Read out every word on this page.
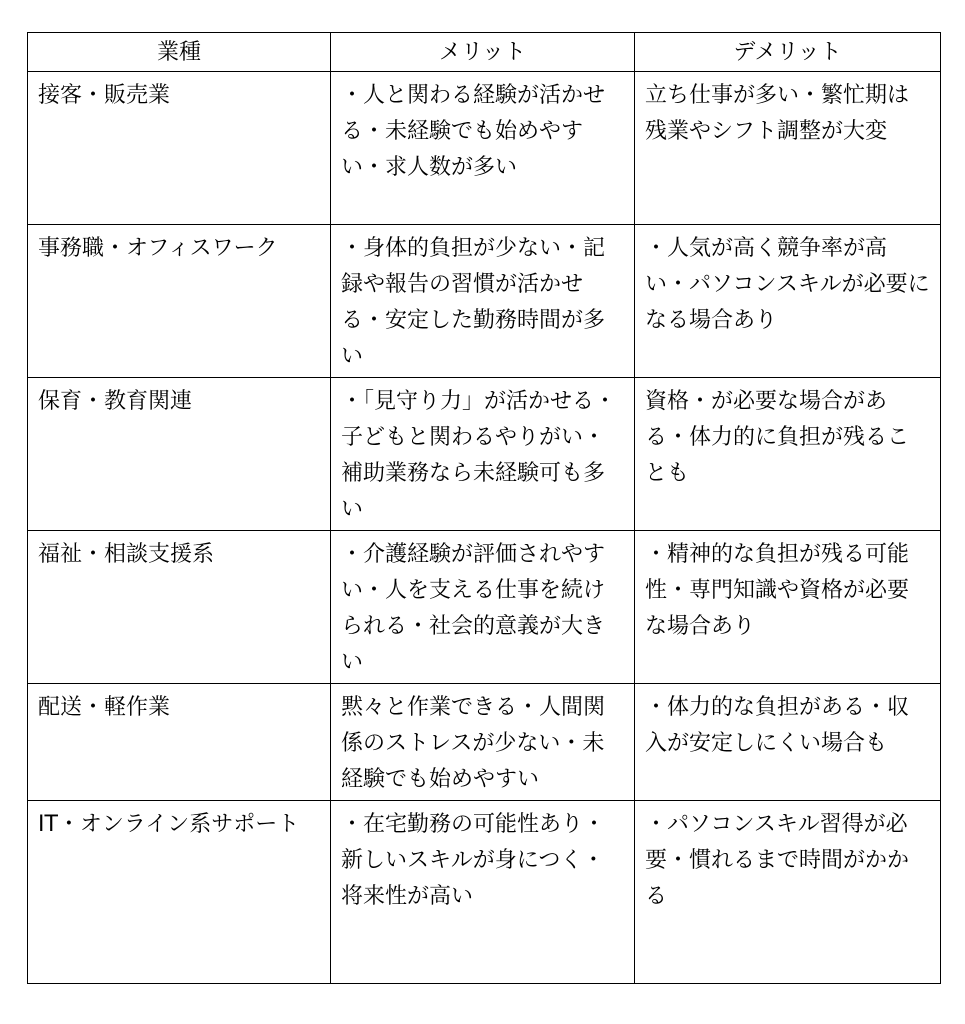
業種	メリット	デメリット
接客・販売業	・人と関わる経験が活かせる・未経験でも始めやすい・求人数が多い	立ち仕事が多い・繁忙期は残業やシフト調整が大変
事務職・オフィスワーク	・身体的負担が少ない・記録や報告の習慣が活かせる・安定した勤務時間が多い	・人気が高く競争率が高い・パソコンスキルが必要になる場合あり
保育・教育関連	・「見守り力」が活かせる・子どもと関わるやりがい・補助業務なら未経験可も多い	資格・が必要な場合がある・体力的に負担が残ることも
福祉・相談支援系	・介護経験が評価されやすい・人を支える仕事を続けられる・社会的意義が大きい	・精神的な負担が残る可能性・専門知識や資格が必要な場合あり
配送・軽作業	黙々と作業できる・人間関係のストレスが少ない・未経験でも始めやすい	・体力的な負担がある・収入が安定しにくい場合も
IT・オンライン系サポート	・在宅勤務の可能性あり・新しいスキルが身につく・将来性が高い	・パソコンスキル習得が必要・慣れるまで時間がかかる
